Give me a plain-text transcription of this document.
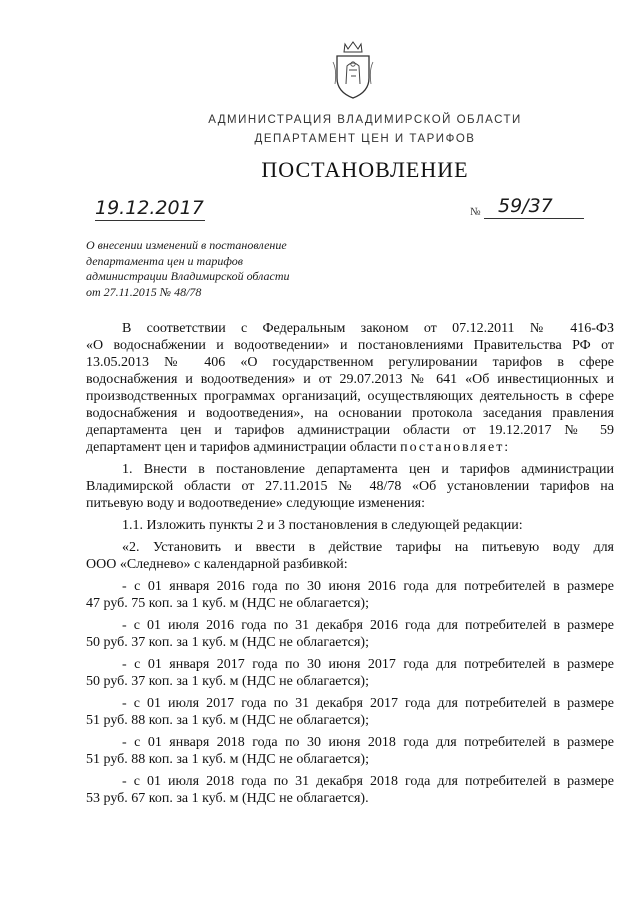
АДМИНИСТРАЦИЯ ВЛАДИМИРСКОЙ ОБЛАСТИ
ДЕПАРТАМЕНТ ЦЕН И ТАРИФОВ
ПОСТАНОВЛЕНИЕ
19.12.2017	№ 59/37
О внесении изменений в постановление
департамента цен и тарифов
администрации Владимирской области
от 27.11.2015 № 48/78
В соответствии с Федеральным законом от 07.12.2011 № 416-ФЗ
«О водоснабжении и водоотведении» и постановлениями Правительства РФ от
13.05.2013 № 406 «О государственном регулировании тарифов в сфере
водоснабжения и водоотведения» и от 29.07.2013 № 641 «Об инвестиционных и
производственных программах организаций, осуществляющих деятельность в сфере
водоснабжения и водоотведения», на основании протокола заседания правления
департамента цен и тарифов администрации области от 19.12.2017 № 59
департамент цен и тарифов администрации области постановляет:
1. Внести в постановление департамента цен и тарифов администрации
Владимирской области от 27.11.2015 № 48/78 «Об установлении тарифов на
питьевую воду и водоотведение» следующие изменения:
1.1. Изложить пункты 2 и 3 постановления в следующей редакции:
«2. Установить и ввести в действие тарифы на питьевую воду для
ООО «Следнево» с календарной разбивкой:
- с 01 января 2016 года по 30 июня 2016 года для потребителей в размере
47 руб. 75 коп. за 1 куб. м (НДС не облагается);
- с 01 июля 2016 года по 31 декабря 2016 года для потребителей в размере
50 руб. 37 коп. за 1 куб. м (НДС не облагается);
- с 01 января 2017 года по 30 июня 2017 года для потребителей в размере
50 руб. 37 коп. за 1 куб. м (НДС не облагается);
- с 01 июля 2017 года по 31 декабря 2017 года для потребителей в размере
51 руб. 88 коп. за 1 куб. м (НДС не облагается);
- с 01 января 2018 года по 30 июня 2018 года для потребителей в размере
51 руб. 88 коп. за 1 куб. м (НДС не облагается);
- с 01 июля 2018 года по 31 декабря 2018 года для потребителей в размере
53 руб. 67 коп. за 1 куб. м (НДС не облагается).
